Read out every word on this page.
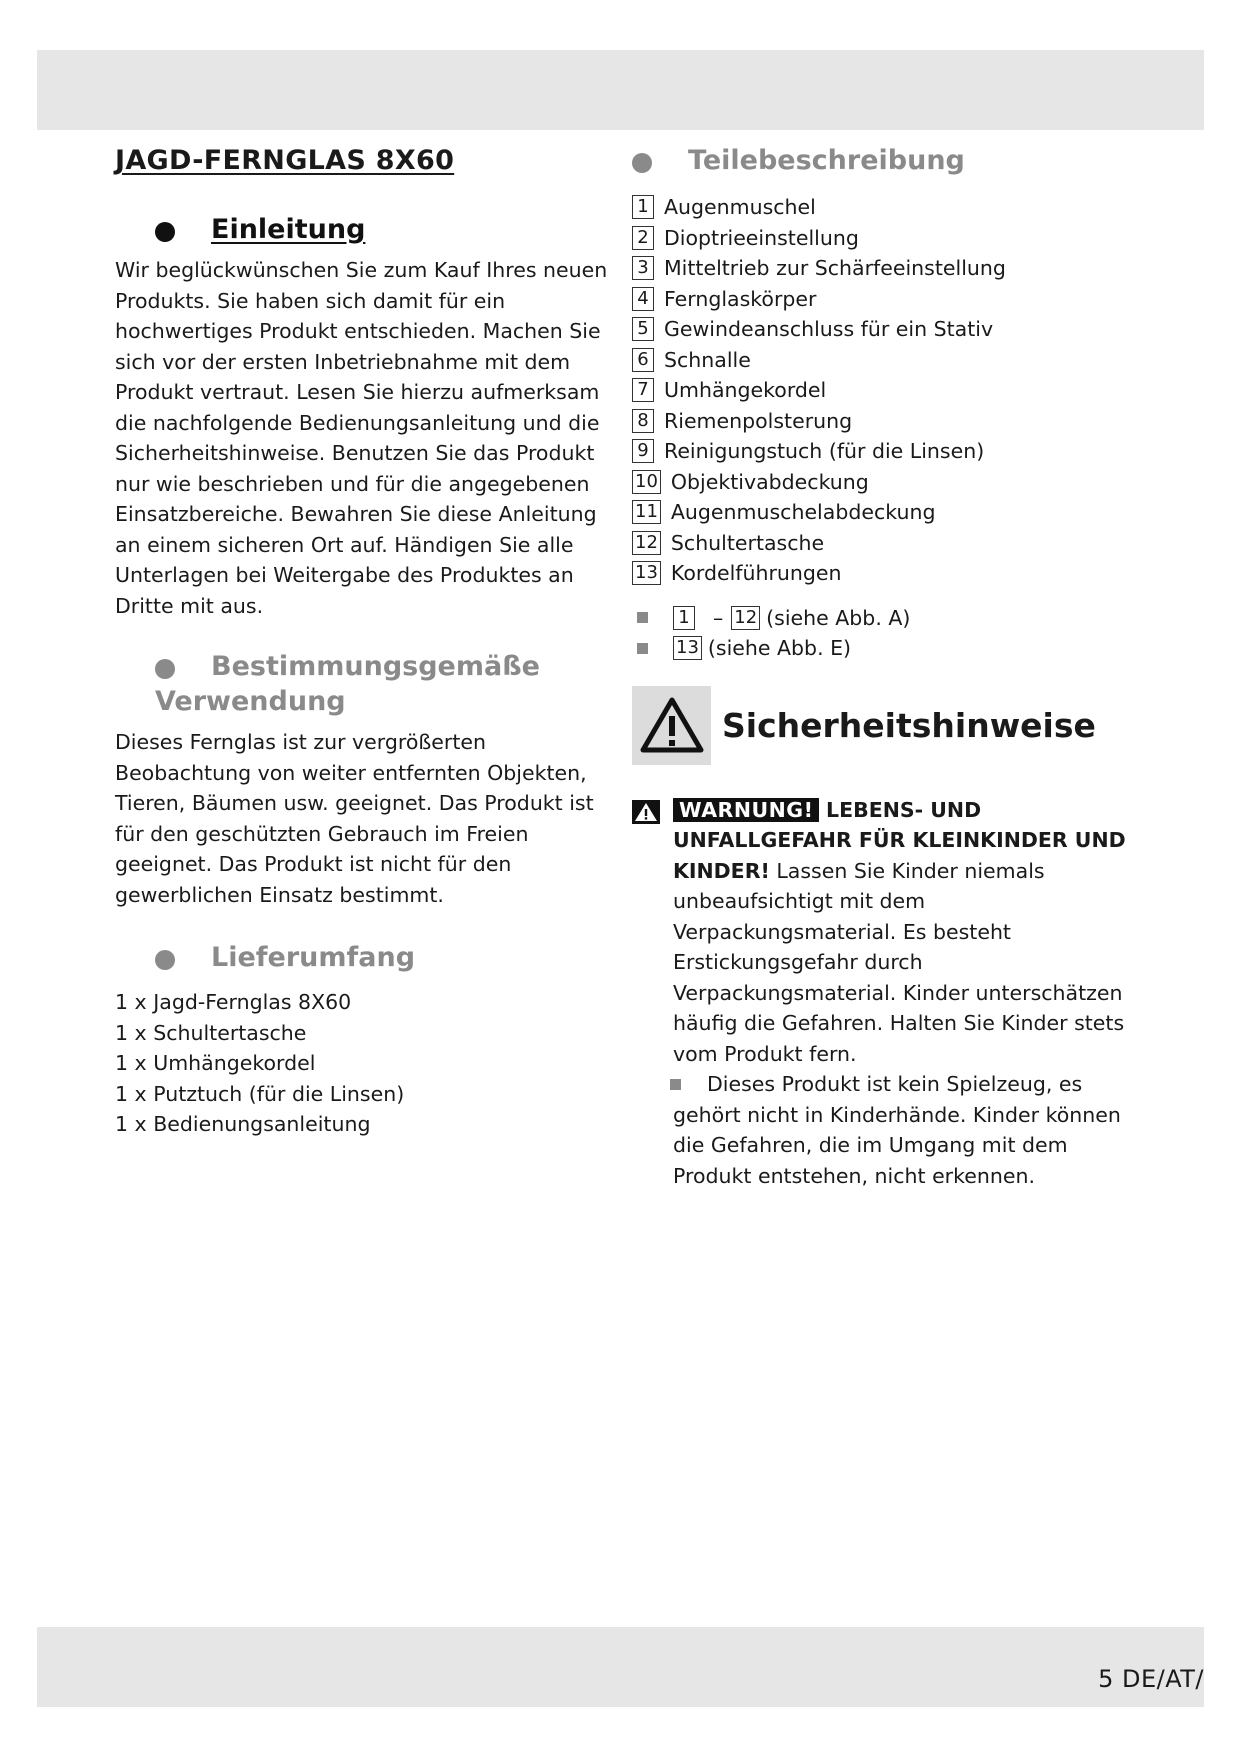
JAGD-FERNGLAS 8X60
Einleitung

Wir beglückwünschen Sie zum Kauf Ihres neuen Produkts. Sie haben sich damit für ein hochwertiges Produkt entschieden. Machen Sie sich vor der ersten Inbetriebnahme mit dem Produkt vertraut. Lesen Sie hierzu aufmerksam die nachfolgende Bedienungsanleitung und die Sicherheitshinweise. Benutzen Sie das Produkt nur wie beschrieben und für die angegebenen Einsatzbereiche. Bewahren Sie diese Anleitung an einem sicheren Ort auf. Händigen Sie alle Unterlagen bei Weitergabe des Produktes an Dritte mit aus.

Bestimmungsgemäße
Verwendung

Dieses Fernglas ist zur vergrößerten Beobachtung von weiter entfernten Objekten, Tieren, Bäumen usw. geeignet. Das Produkt ist für den geschützten Gebrauch im Freien geeignet. Das Produkt ist nicht für den gewerblichen Einsatz bestimmt.

Lieferumfang
1 x Jagd-Fernglas 8X60
1 x Schultertasche
1 x Umhängekordel
1 x Putztuch (für die Linsen)
1 x Bedienungsanleitung
Teilebeschreibung
1 Augenmuschel
2 Dioptrieeinstellung
3 Mitteltrieb zur Schärfeeinstellung
4 Fernglaskörper
5 Gewindeanschluss für ein Stativ
6 Schnalle
7 Umhängekordel
8 Riemenpolsterung
9 Reinigungstuch (für die Linsen)
10 Objektivabdeckung
11 Augenmuschelabdeckung
12 Schultertasche
13 Kordelführungen
1 – 12 (siehe Abb. A)
13 (siehe Abb. E)
Sicherheitshinweise
WARNUNG! LEBENS- UND UNFALLGEFAHR FÜR KLEINKINDER UND KINDER! Lassen Sie Kinder niemals unbeaufsichtigt mit dem Verpackungsmaterial. Es besteht Erstickungsgefahr durch Verpackungsmaterial. Kinder unterschätzen häufig die Gefahren. Halten Sie Kinder stets vom Produkt fern.
Dieses Produkt ist kein Spielzeug, es gehört nicht in Kinderhände. Kinder können die Gefahren, die im Umgang mit dem Produkt entstehen, nicht erkennen.
5 DE/AT/
